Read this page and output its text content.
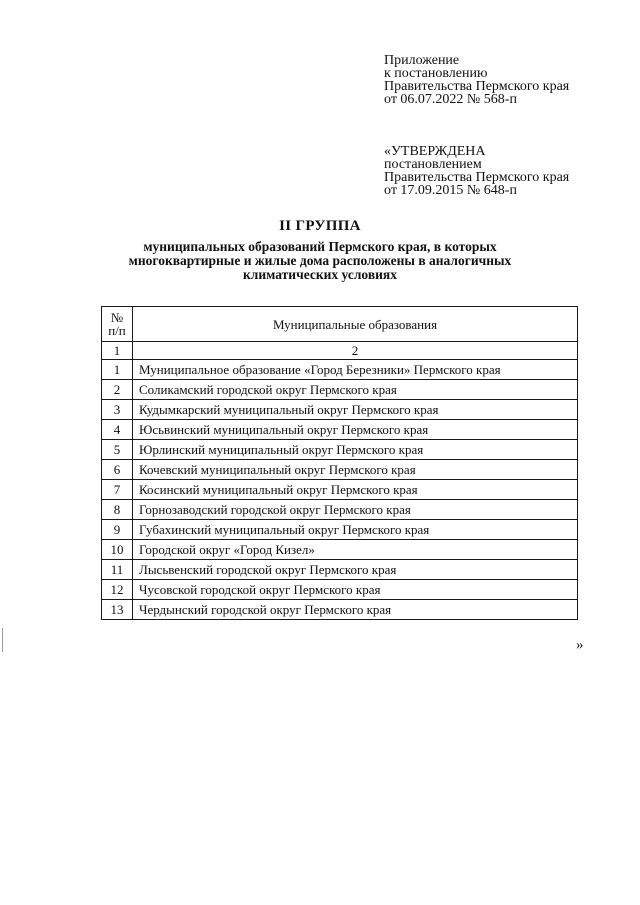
Приложение
к постановлению
Правительства Пермского края
от 06.07.2022 № 568-п
«УТВЕРЖДЕНА
постановлением
Правительства Пермского края
от 17.09.2015 № 648-п
II ГРУППА
муниципальных образований Пермского края, в которых
многоквартирные и жилые дома расположены в аналогичных
климатических условиях
№
п/п	Муниципальные образования
1	2
1	Муниципальное образование «Город Березники» Пермского края
2	Соликамский городской округ Пермского края
3	Кудымкарский муниципальный округ Пермского края
4	Юсьвинский муниципальный округ Пермского края
5	Юрлинский муниципальный округ Пермского края
6	Кочевский муниципальный округ Пермского края
7	Косинский муниципальный округ Пермского края
8	Горнозаводский городской округ Пермского края
9	Губахинский муниципальный округ Пермского края
10	Городской округ «Город Кизел»
11	Лысьвенский городской округ Пермского края
12	Чусовской городской округ Пермского края
13	Чердынский городской округ Пермского края
»
